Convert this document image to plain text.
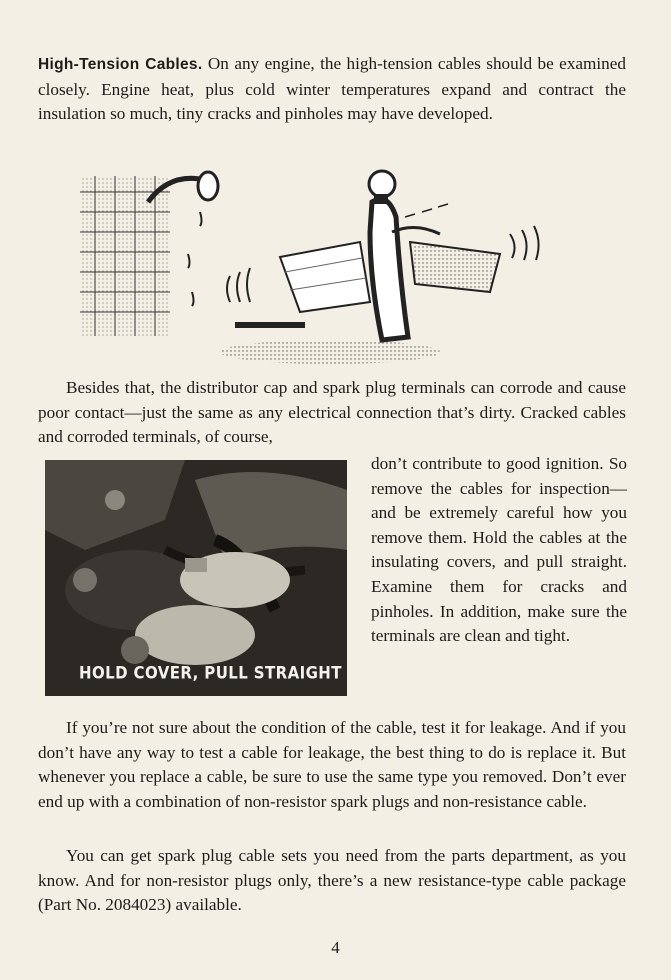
High-Tension Cables. On any engine, the high-tension cables should be examined closely. Engine heat, plus cold winter temperatures expand and contract the insulation so much, tiny cracks and pinholes may have developed.

Besides that, the distributor cap and spark plug terminals can corrode and cause poor contact—just the same as any electrical connection that’s dirty. Cracked cables and corroded terminals, of course,

HOLD COVER, PULL STRAIGHT

don’t contribute to good ignition. So remove the cables for inspection—and be extremely careful how you remove them. Hold the cables at the insulating covers, and pull straight. Examine them for cracks and pinholes. In addition, make sure the terminals are clean and tight.

If you’re not sure about the condition of the cable, test it for leakage. And if you don’t have any way to test a cable for leakage, the best thing to do is replace it. But whenever you replace a cable, be sure to use the same type you removed. Don’t ever end up with a combination of non-resistor spark plugs and non-resistance cable.

You can get spark plug cable sets you need from the parts department, as you know. And for non-resistor plugs only, there’s a new resistance-type cable package (Part No. 2084023) available.

4
